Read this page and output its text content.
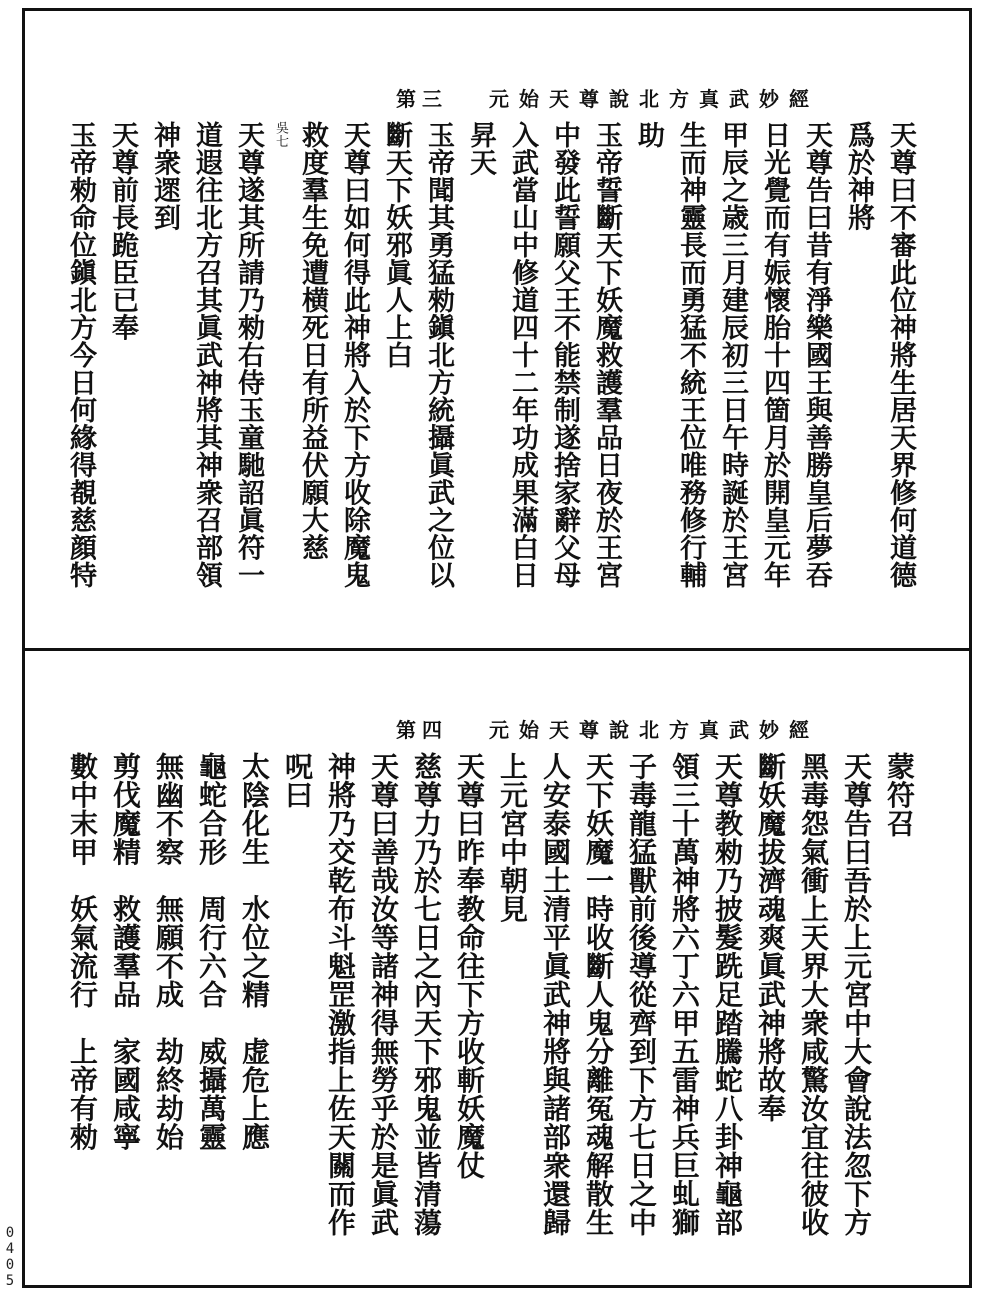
第三 元始天尊說北方真武妙經
天尊曰不審此位神將生居天界修何道德
爲於神將
天尊告曰昔有淨樂國王與善勝皇后夢吞
日光覺而有娠懷胎十四箇月於開皇元年
甲辰之歳三月建辰初三日午時誕於王宮
生而神靈長而勇猛不統王位唯務修行輔
助
玉帝誓斷天下妖魔救護羣品日夜於王宮
中發此誓願父王不能禁制遂捨家辭父母
入武當山中修道四十二年功成果滿白日
昇天
玉帝聞其勇猛勑鎭北方統攝眞武之位以
斷天下妖邪眞人上白
天尊曰如何得此神將入於下方收除魔鬼
救度羣生免遭横死日有所益伏願大慈
吳七
天尊遂其所請乃勑右侍玉童馳詔眞符一
道遐往北方召其眞武神將其神衆召部領
神衆遝到
天尊前長跪臣已奉
玉帝勑命位鎭北方今日何緣得覩慈顔特
第四 元始天尊說北方真武妙經
蒙符召
天尊告曰吾於上元宮中大會說法忽下方
黑毒怨氣衝上天界大衆咸驚汝宜往彼收
斷妖魔拔濟魂爽眞武神將故奉
天尊教勑乃披髮跣足踏騰蛇八卦神龜部
領三十萬神將六丁六甲五雷神兵巨虬獅
子毒龍猛獸前後導從齊到下方七日之中
天下妖魔一時收斷人鬼分離冤魂解散生
人安泰國土清平眞武神將與諸部衆還歸
上元宮中朝見
天尊曰昨奉教命往下方收斬妖魔仗
慈尊力乃於七日之內天下邪鬼並皆清蕩
天尊曰善哉汝等諸神得無勞乎於是眞武
神將乃交乾布斗魁罡激指上佐天關而作
呪曰
太陰化生　水位之精　虚危上應
龜蛇合形　周行六合　威攝萬靈
無幽不察　無願不成　劫終劫始
剪伐魔精　救護羣品　家國咸寧
數中末甲　妖氣流行　上帝有勑
0405
